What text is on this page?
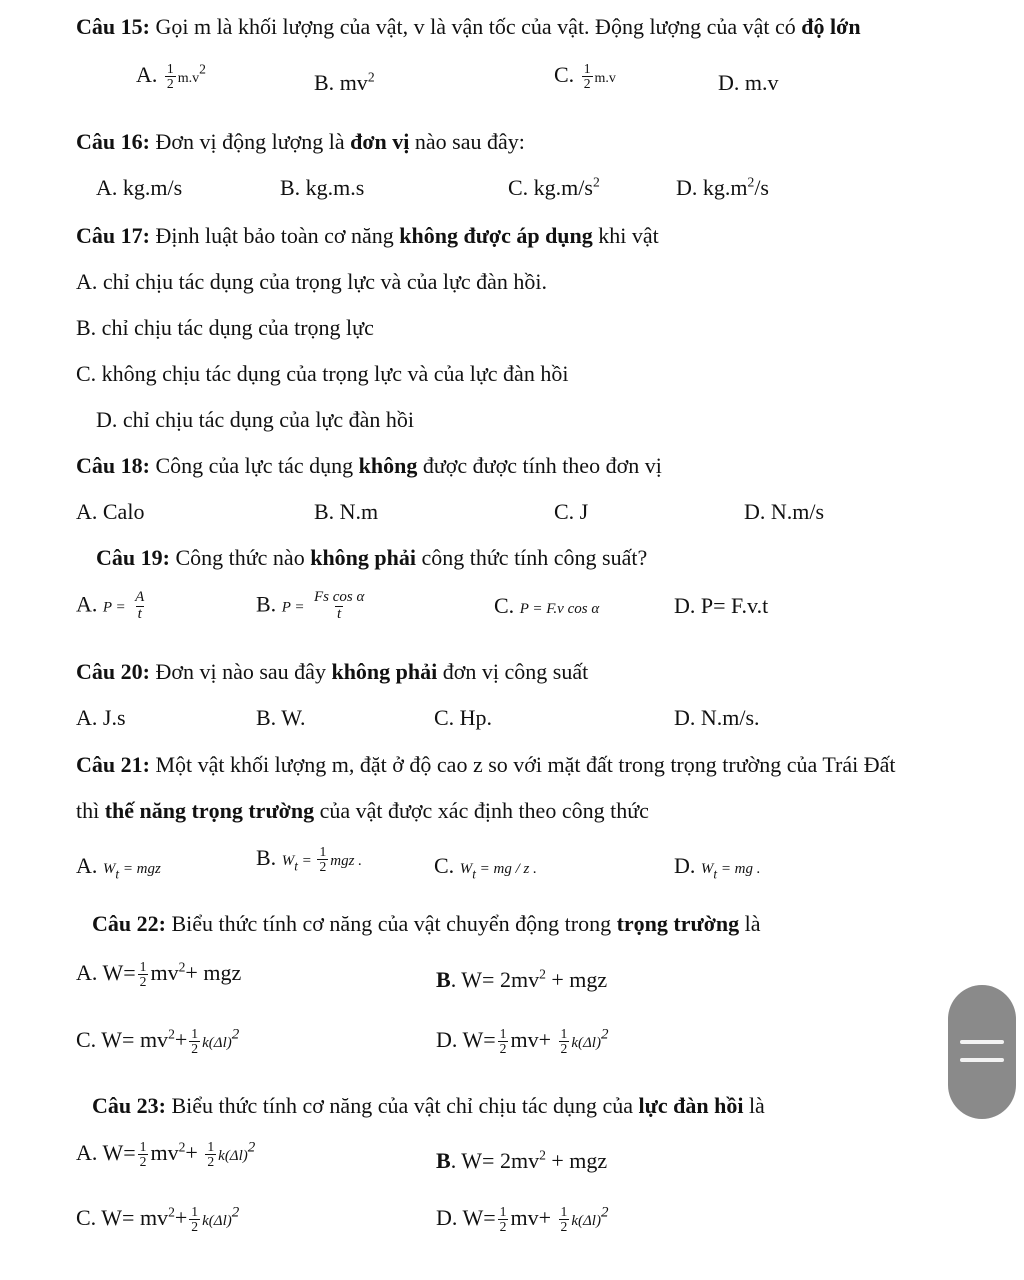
Câu 15: Gọi m là khối lượng của vật, v là vận tốc của vật. Động lượng của vật có độ lớn
A. $\frac{1}{2} m.v^2$
B. $mv^2$	C. $\frac{1}{2} m.v$	D. m.v
Câu 16: Đơn vị động lượng là đơn vị nào sau đây:
A. kg.m/s	B. kg.m.s	C. $kg.m/s^2$	D. $kg.m^2/s$
Câu 17: Định luật bảo toàn cơ năng không được áp dụng khi vật
A. chỉ chịu tác dụng của trọng lực và của lực đàn hồi.
B. chỉ chịu tác dụng của trọng lực
C. không chịu tác dụng của trọng lực và của lực đàn hồi
D. chỉ chịu tác dụng của lực đàn hồi
Câu 18: Công của lực tác dụng không được được tính theo đơn vị
A. Calo	B. N.m	C. J	D. N.m/s
Câu 19: Công thức nào không phải công thức tính công suất?
A. $P = \frac{A}{t}$	B. $P = \frac{\text{Fs cos α}}{t}$	C. P = F.v cos α	D. P= F.v.t
Câu 20: Đơn vị nào sau đây không phải đơn vị công suất
A. J.s	B. W.	C. Hp.	D. N.m/s.
Câu 21: Một vật khối lượng m, đặt ở độ cao z so với mặt đất trong trọng trường của Trái Đất
thì thế năng trọng trường của vật được xác định theo công thức
A. $W_t$ = mgz	B. $W_t = \frac{1}{2}$ mgz .	C. $W_t$ = mg / z .	D. $W_t$ = mg .
Câu 22: Biểu thức tính cơ năng của vật chuyển động trong trọng trường là
A. $W= \frac{1}{2} mv^2+$ mgz	B. $W= 2mv^2$ + mgz
C. $W= mv^2+ \frac{1}{2} k(\Delta l)^2$	D. $W= \frac{1}{2} mv+ \frac{1}{2} k(\Delta l)^2$
Câu 23: Biểu thức tính cơ năng của vật chỉ chịu tác dụng của lực đàn hồi là
A. $W= \frac{1}{2} mv^2+ \frac{1}{2} k(\Delta l)^2$
B. $W= 2mv^2$ + mgz
C. $W= mv^2+ \frac{1}{2} k(\Delta l)^2$	D. $W= \frac{1}{2} mv+ \frac{1}{2} k(\Delta l)^2$
